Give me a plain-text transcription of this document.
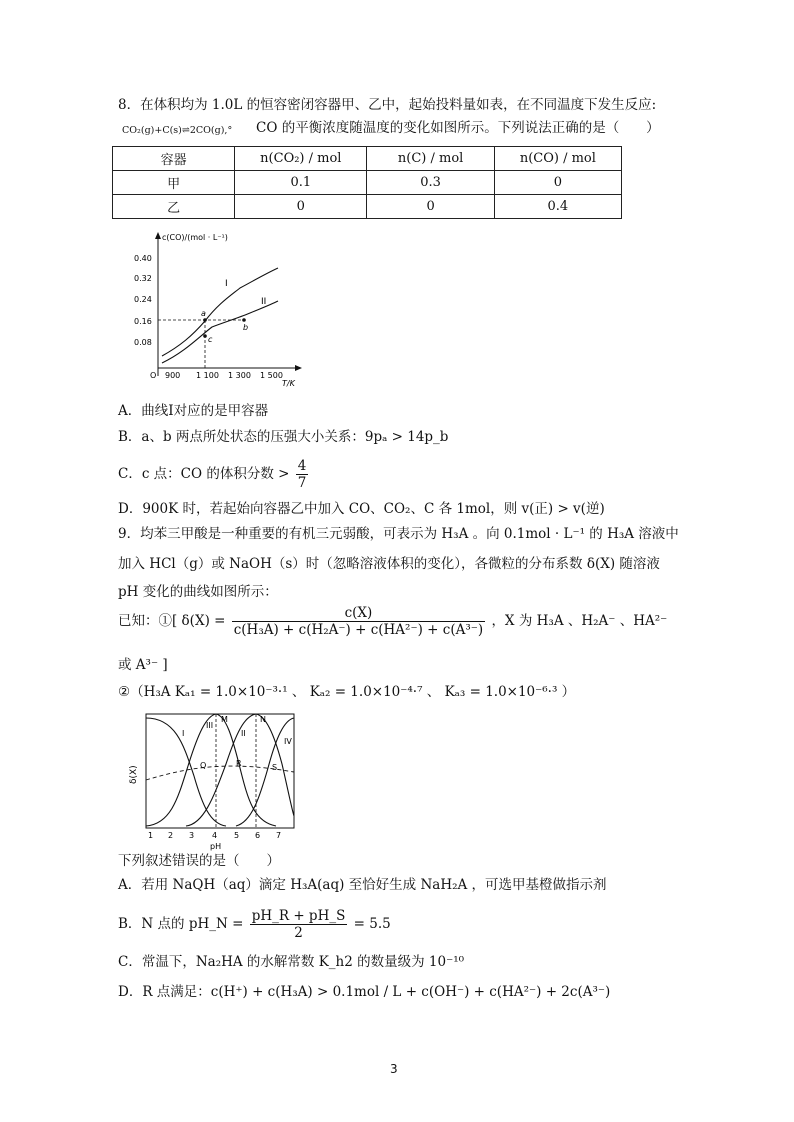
8．在体积均为 1.0L 的恒容密闭容器甲、乙中，起始投料量如表，在不同温度下发生反应:
CO₂(g)+C(s)⇌2CO(g),° CO 的平衡浓度随温度的变化如图所示。下列说法正确的是（　　）
容器	n(CO₂) / mol	n(C) / mol	n(CO) / mol
甲	0.1	0.3	0
乙	0	0	0.4
c(CO)/(mol · L⁻¹)
0.40
0.32
0.24
0.16
0.08
O 900 1 100 1 300 1 500
T/K
I
II
a
b
c
A．曲线Ⅰ对应的是甲容器
B．a、b 两点所处状态的压强大小关系：9pₐ > 14p_b
C．c 点：CO 的体积分数 > $\frac{4}{7}$
D．900K 时，若起始向容器乙中加入 CO、CO₂、C 各 1mol，则 v(正) > v(逆)
9．均苯三甲酸是一种重要的有机三元弱酸，可表示为 H₃A 。向 0.1mol · L⁻¹ 的 H₃A 溶液中
加入 HCl（g）或 NaOH（s）时（忽略溶液体积的变化），各微粒的分布系数 δ(X) 随溶液
pH 变化的曲线如图所示：
已知：①[ $\delta(X) = \frac{c(X)}{\text{c(H₃A) + c(H₂A⁻) + c(HA²⁻) + c(A³⁻)}}$ ，X 为 H₃A 、H₂A⁻ 、HA²⁻
或 A³⁻ ]
②（H₃A Kₐ₁ = 1.0×10⁻³·¹ 、 Kₐ₂ = 1.0×10⁻⁴·⁷ 、 Kₐ₃ = 1.0×10⁻⁶·³ ）
δ(X)
I	II
III
IV
M	N
Q	R	S
1 2 3 4 5 6 7
pH
下列叙述错误的是（　　）
A．若用 NaQH（aq）滴定 H₃A(aq) 至恰好生成 NaH₂A ，可选甲基橙做指示剂
B．N 点的 pH_N = $\frac{pH\_R + pH\_S}{2} = 5.5$
C．常温下，Na₂HA 的水解常数 K_h2 的数量级为 10⁻¹⁰
D．R 点满足：c(H⁺) + c(H₃A) > 0.1mol / L + c(OH⁻) + c(HA²⁻) + 2c(A³⁻)
3
